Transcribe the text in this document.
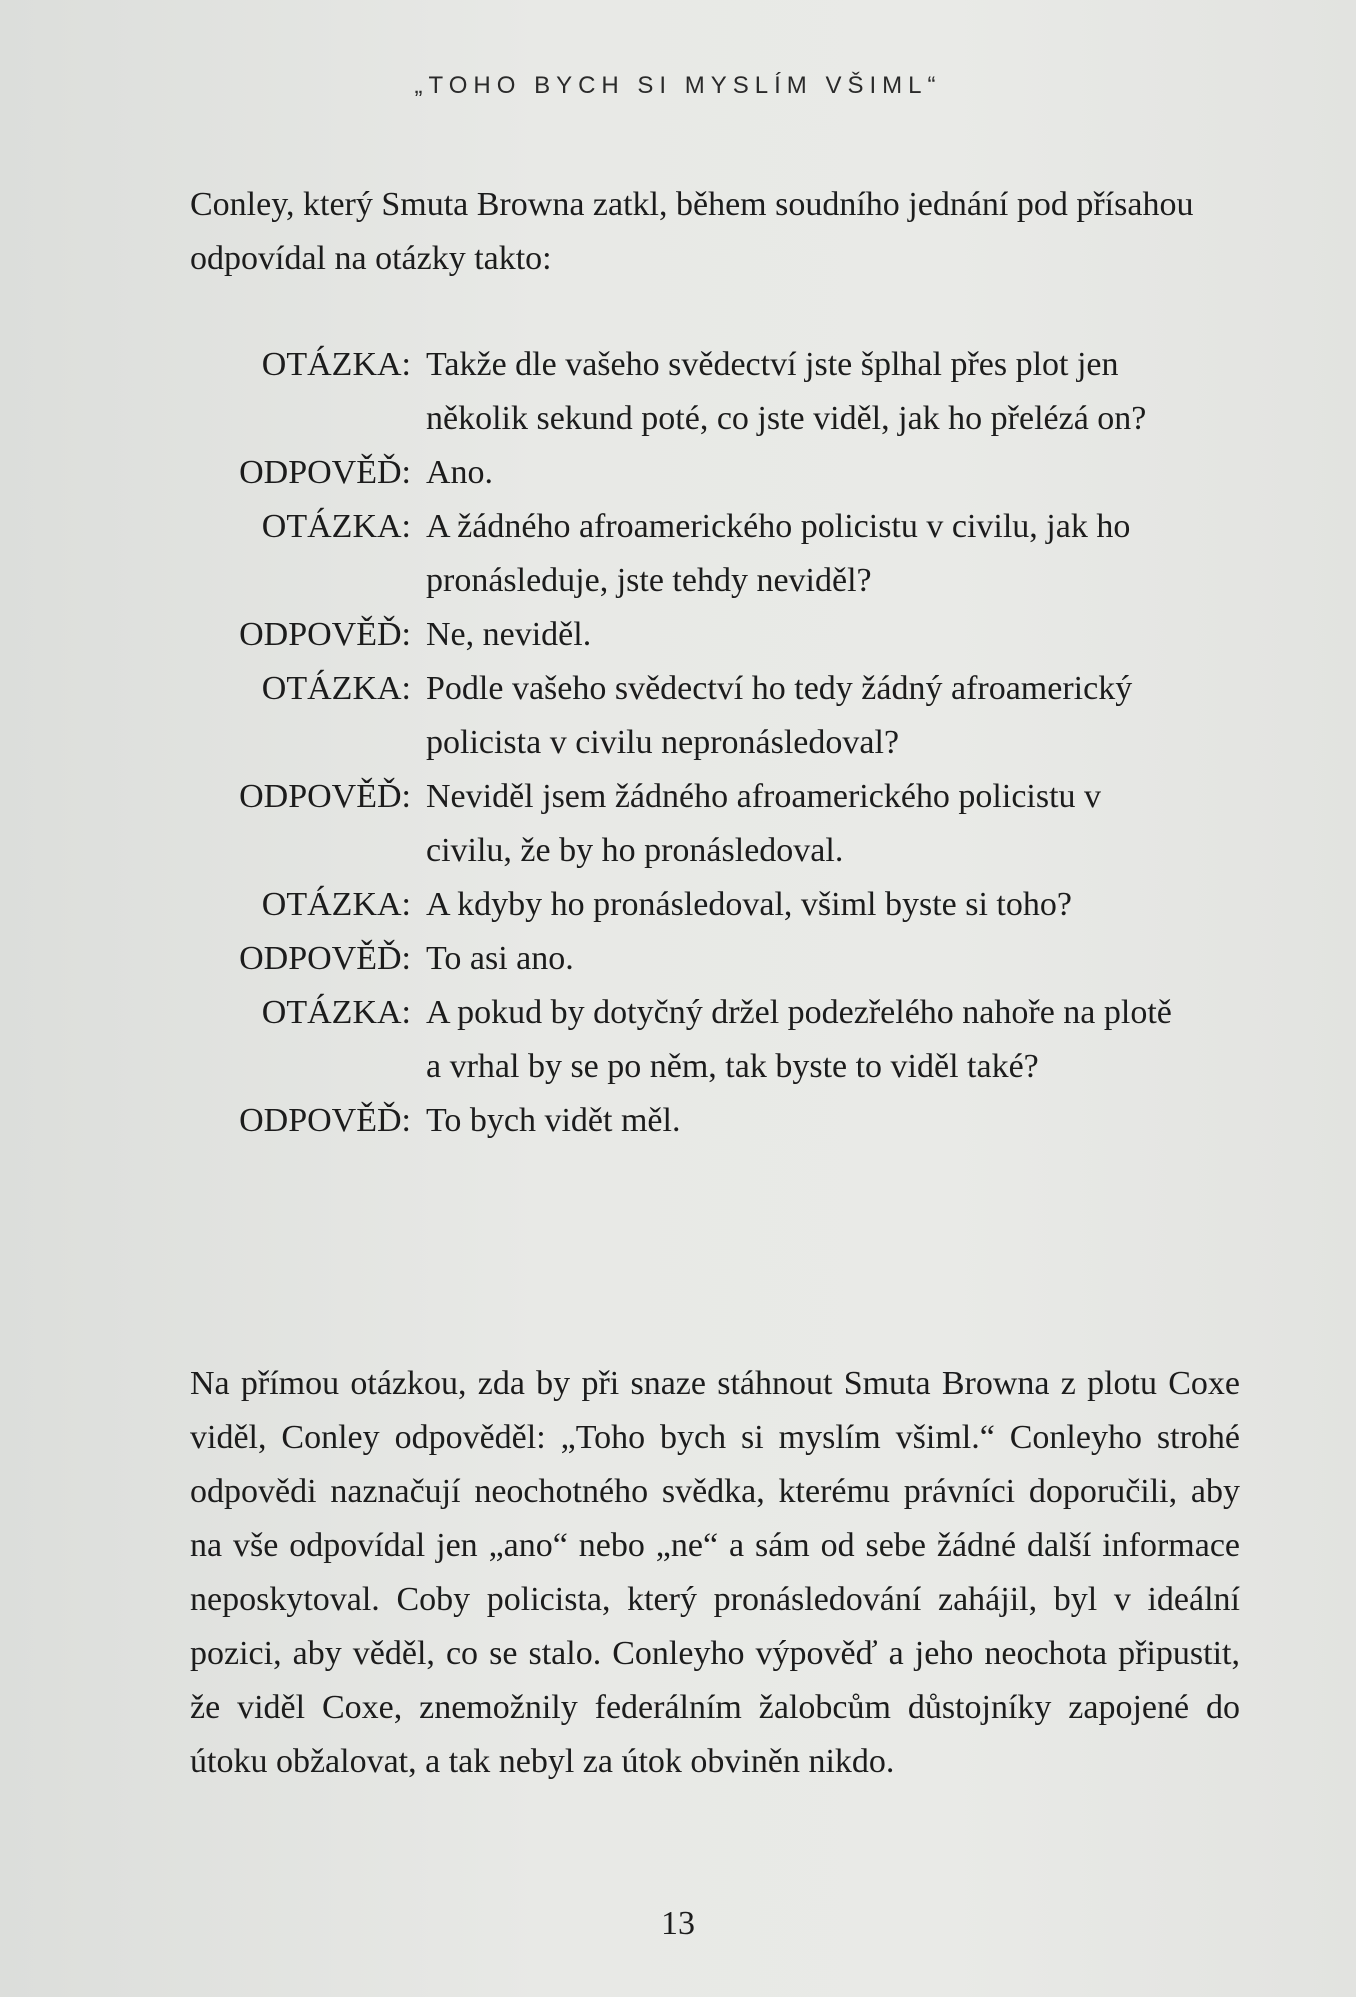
„TOHO BYCH SI MYSLÍM VŠIML“

Conley, který Smuta Browna zatkl, během soudního jednání pod přísahou odpovídal na otázky takto:

OTÁZKA: Takže dle vašeho svědectví jste šplhal přes plot jen několik sekund poté, co jste viděl, jak ho přelézá on?
ODPOVĚĎ: Ano.
OTÁZKA: A žádného afroamerického policistu v civilu, jak ho pronásleduje, jste tehdy neviděl?
ODPOVĚĎ: Ne, neviděl.
OTÁZKA: Podle vašeho svědectví ho tedy žádný afroamerický policista v civilu nepronásledoval?
ODPOVĚĎ: Neviděl jsem žádného afroamerického policistu v civilu, že by ho pronásledoval.
OTÁZKA: A kdyby ho pronásledoval, všiml byste si toho?
ODPOVĚĎ: To asi ano.
OTÁZKA: A pokud by dotyčný držel podezřelého nahoře na plotě a vrhal by se po něm, tak byste to viděl také?
ODPOVĚĎ: To bych vidět měl.

Na přímou otázkou, zda by při snaze stáhnout Smuta Browna z plotu Coxe viděl, Conley odpověděl: „Toho bych si myslím všiml.“ Conleyho strohé odpovědi naznačují neochotného svědka, kterému právníci doporučili, aby na vše odpovídal jen „ano“ nebo „ne“ a sám od sebe žádné další informace neposkytoval. Coby policista, který pronásledování zahájil, byl v ideální pozici, aby věděl, co se stalo. Conleyho výpověď a jeho neochota připustit, že viděl Coxe, znemožnily federálním žalobcům důstojníky zapojené do útoku obžalovat, a tak nebyl za útok obviněn nikdo.

13
